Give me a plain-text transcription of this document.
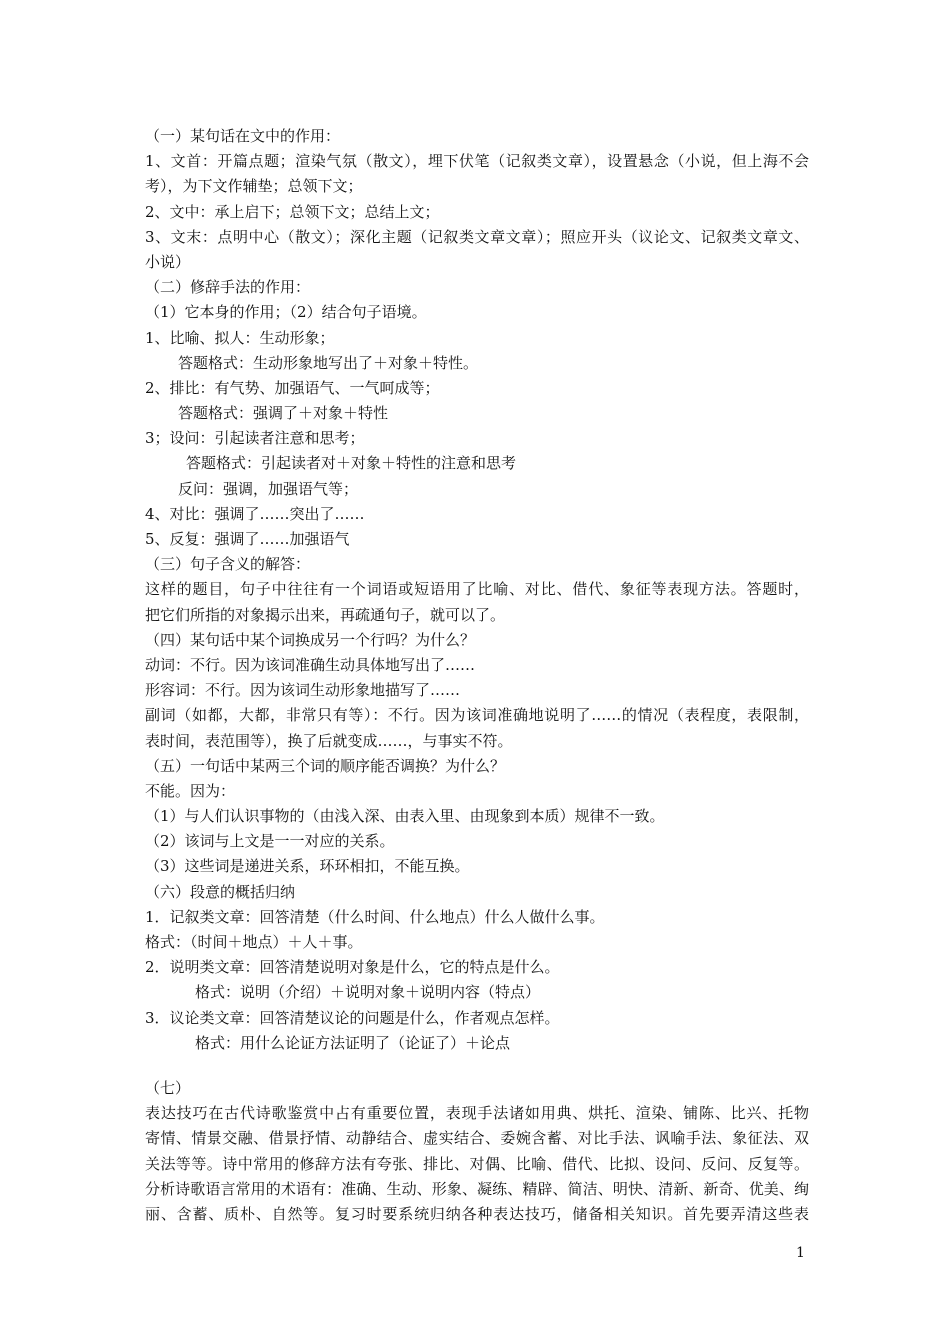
（一）某句话在文中的作用：
1、文首：开篇点题；渲染气氛（散文），埋下伏笔（记叙类文章），设置悬念（小说，但上海不会
考），为下文作辅垫；总领下文；
2、文中：承上启下；总领下文；总结上文；
3、文末：点明中心（散文）；深化主题（记叙类文章文章）；照应开头（议论文、记叙类文章文、
小说）
（二）修辞手法的作用：
（1）它本身的作用；（2）结合句子语境。
1、比喻、拟人：生动形象；
答题格式：生动形象地写出了＋对象＋特性。
2、排比：有气势、加强语气、一气呵成等；
答题格式：强调了＋对象＋特性
3；设问：引起读者注意和思考；
答题格式：引起读者对＋对象＋特性的注意和思考
反问：强调，加强语气等；
4、对比：强调了……突出了……
5、反复：强调了……加强语气
（三）句子含义的解答：
这样的题目，句子中往往有一个词语或短语用了比喻、对比、借代、象征等表现方法。答题时，
把它们所指的对象揭示出来，再疏通句子，就可以了。
（四）某句话中某个词换成另一个行吗？为什么？
动词：不行。因为该词准确生动具体地写出了……
形容词：不行。因为该词生动形象地描写了……
副词（如都，大都，非常只有等）：不行。因为该词准确地说明了……的情况（表程度，表限制，
表时间，表范围等），换了后就变成……，与事实不符。
（五）一句话中某两三个词的顺序能否调换？为什么？
不能。因为：
（1）与人们认识事物的（由浅入深、由表入里、由现象到本质）规律不一致。
（2）该词与上文是一一对应的关系。
（3）这些词是递进关系，环环相扣，不能互换。
（六）段意的概括归纳
1．记叙类文章：回答清楚（什么时间、什么地点）什么人做什么事。
格式：（时间＋地点）＋人＋事。
2．说明类文章：回答清楚说明对象是什么，它的特点是什么。
格式：说明（介绍）＋说明对象＋说明内容（特点）
3．议论类文章：回答清楚议论的问题是什么，作者观点怎样。
格式：用什么论证方法证明了（论证了）＋论点
（七）
表达技巧在古代诗歌鉴赏中占有重要位置，表现手法诸如用典、烘托、渲染、铺陈、比兴、托物
寄情、情景交融、借景抒情、动静结合、虚实结合、委婉含蓄、对比手法、讽喻手法、象征法、双
关法等等。诗中常用的修辞方法有夸张、排比、对偶、比喻、借代、比拟、设问、反问、反复等。
分析诗歌语言常用的术语有：准确、生动、形象、凝练、精辟、简洁、明快、清新、新奇、优美、绚
丽、含蓄、质朴、自然等。复习时要系统归纳各种表达技巧，储备相关知识。首先要弄清这些表
1
